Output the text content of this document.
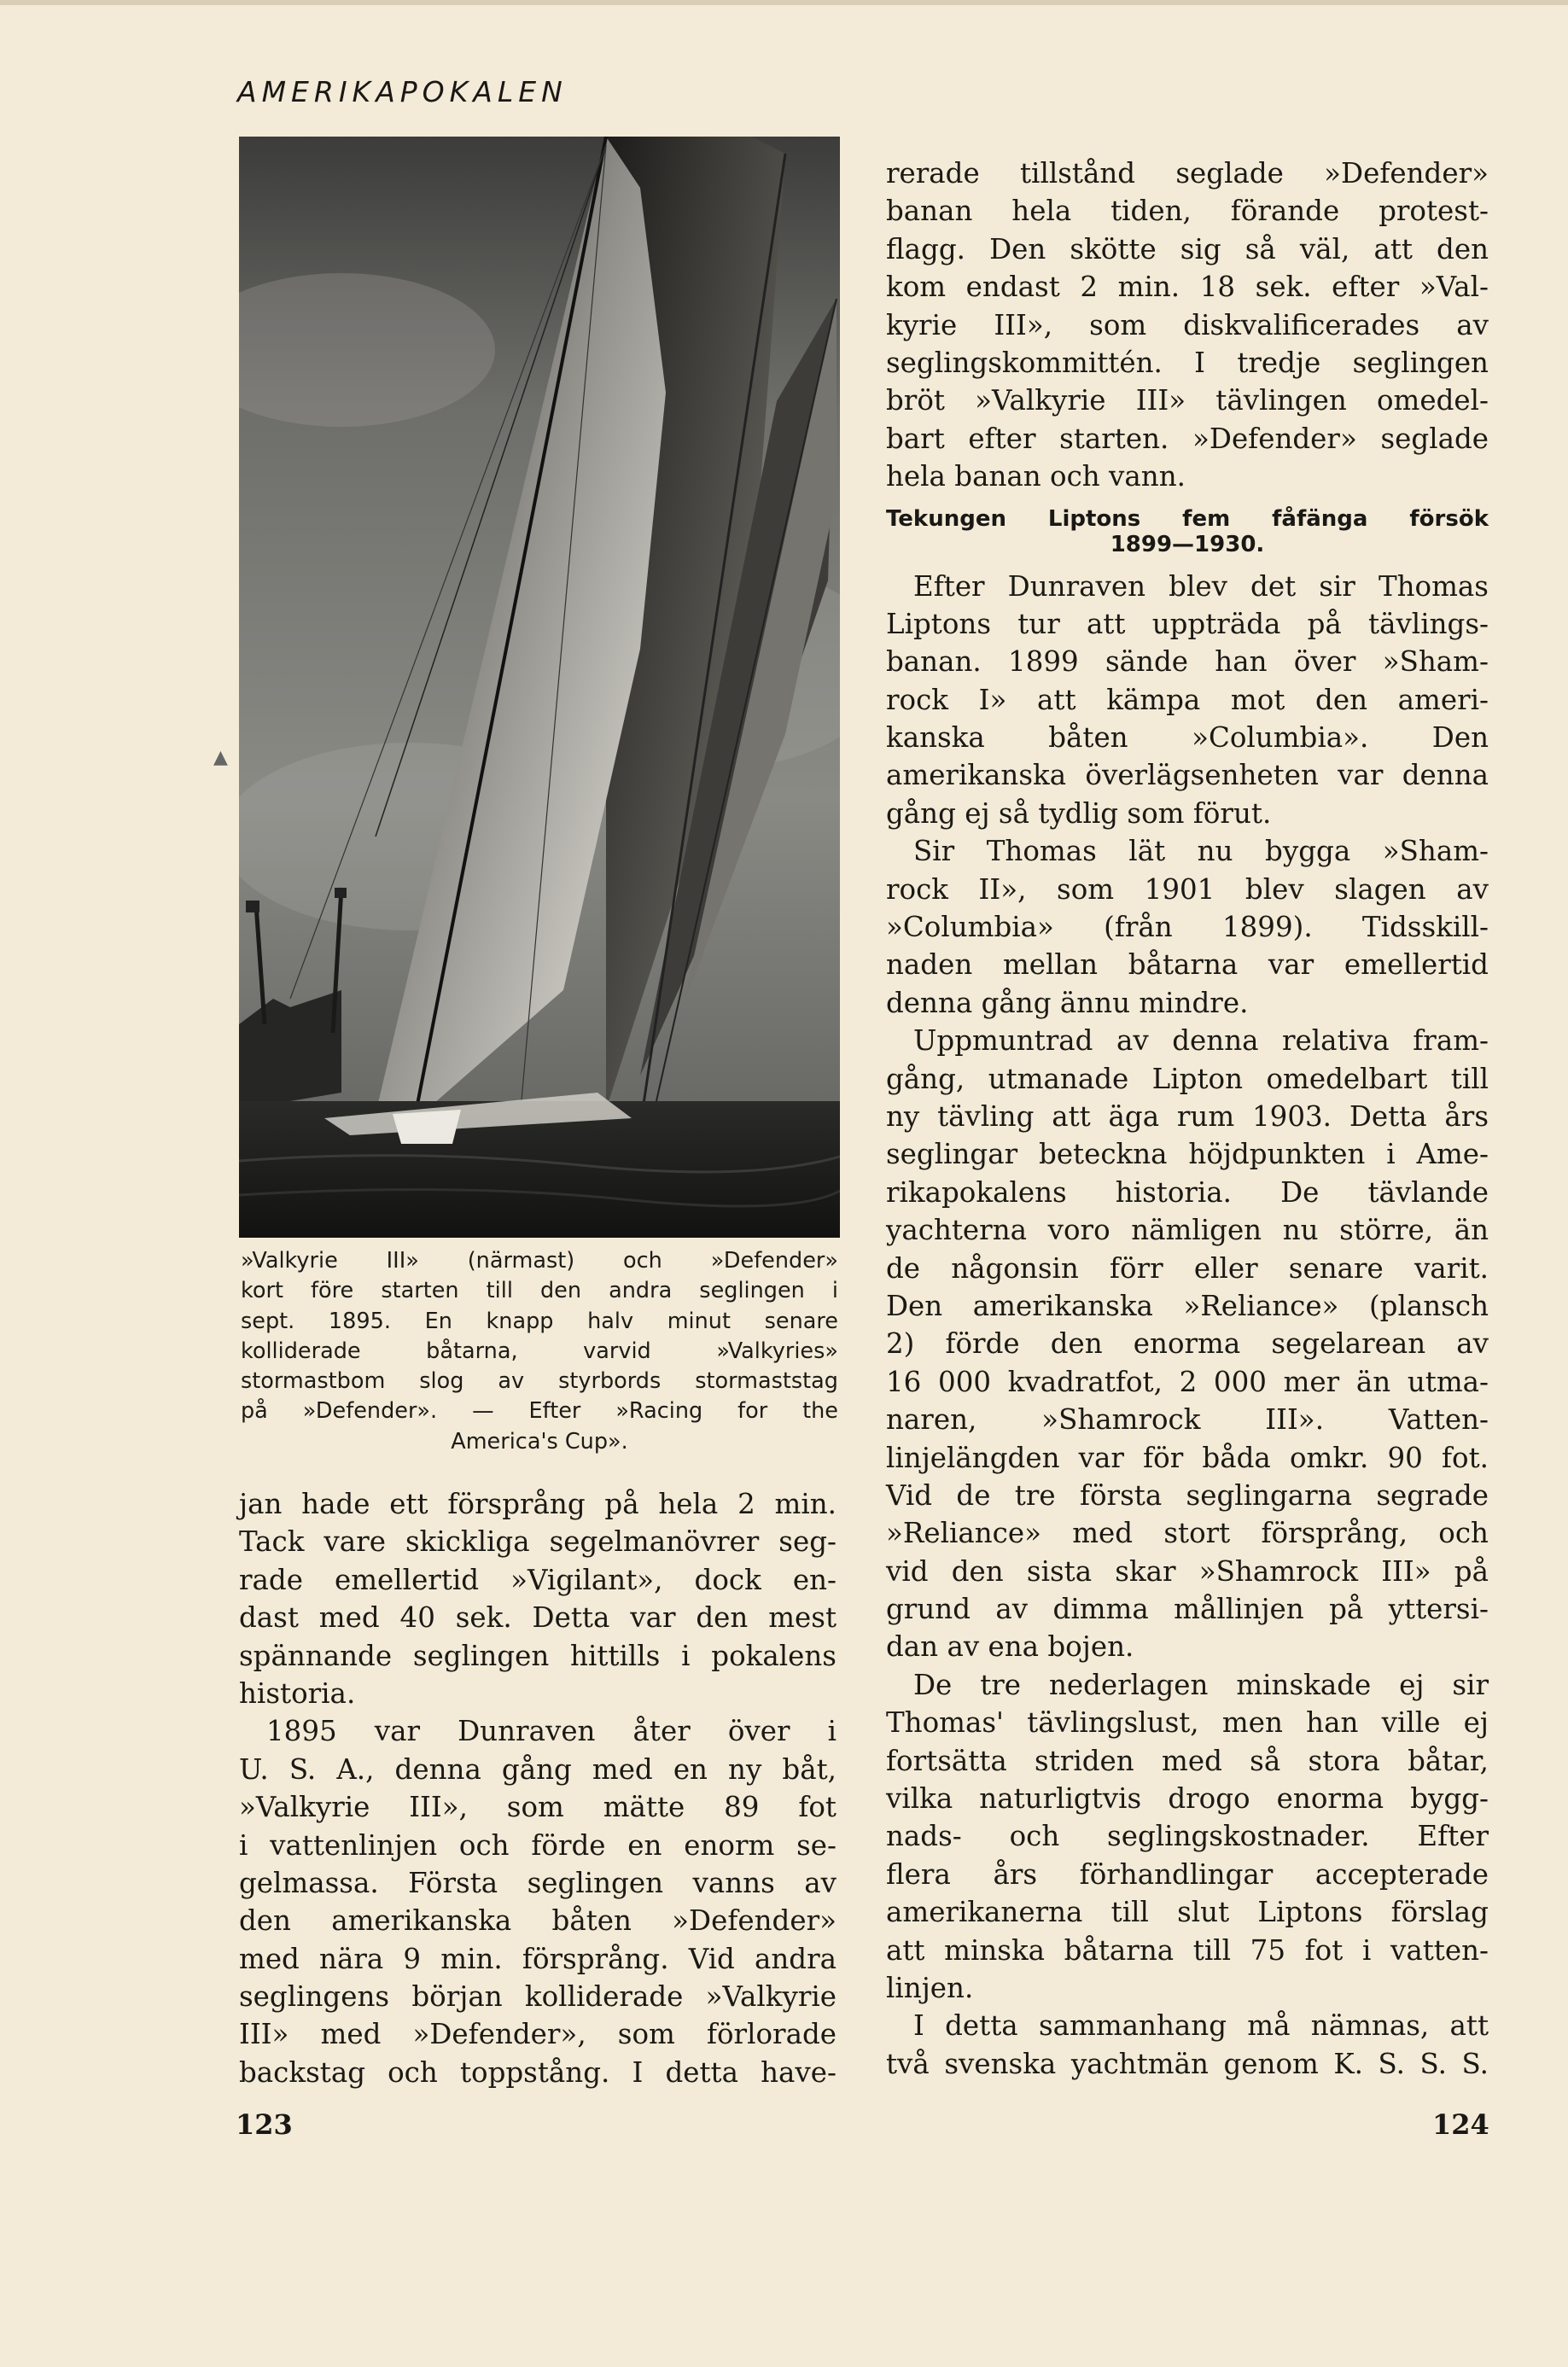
AMERIKAPOKALEN
▲
»Valkyrie III» (närmast) och »Defender»
kort före starten till den andra seglingen i
sept. 1895. En knapp halv minut senare
kolliderade båtarna, varvid »Valkyries»
stormastbom slog av styrbords stormaststag
på »Defender». — Efter »Racing for the
America's Cup».
jan hade ett försprång på hela 2 min.
Tack vare skickliga segelmanövrer seg-
rade emellertid »Vigilant», dock en-
dast med 40 sek. Detta var den mest
spännande seglingen hittills i pokalens
historia.
1895 var Dunraven åter över i
U. S. A., denna gång med en ny båt,
»Valkyrie III», som mätte 89 fot
i vattenlinjen och förde en enorm se-
gelmassa. Första seglingen vanns av
den amerikanska båten »Defender»
med nära 9 min. försprång. Vid andra
seglingens början kolliderade »Valkyrie
III» med »Defender», som förlorade
backstag och toppstång. I detta have-
rerade tillstånd seglade »Defender»
banan hela tiden, förande protest-
flagg. Den skötte sig så väl, att den
kom endast 2 min. 18 sek. efter »Val-
kyrie III», som diskvalificerades av
seglingskommittén. I tredje seglingen
bröt »Valkyrie III» tävlingen omedel-
bart efter starten. »Defender» seglade
hela banan och vann.
Tekungen Liptons fem fåfänga försök
1899—1930.
Efter Dunraven blev det sir Thomas
Liptons tur att uppträda på tävlings-
banan. 1899 sände han över »Sham-
rock I» att kämpa mot den ameri-
kanska båten »Columbia». Den
amerikanska överlägsenheten var denna
gång ej så tydlig som förut.
Sir Thomas lät nu bygga »Sham-
rock II», som 1901 blev slagen av
»Columbia» (från 1899). Tidsskill-
naden mellan båtarna var emellertid
denna gång ännu mindre.
Uppmuntrad av denna relativa fram-
gång, utmanade Lipton omedelbart till
ny tävling att äga rum 1903. Detta års
seglingar beteckna höjdpunkten i Ame-
rikapokalens historia. De tävlande
yachterna voro nämligen nu större, än
de någonsin förr eller senare varit.
Den amerikanska »Reliance» (plansch
2) förde den enorma segelarean av
16 000 kvadratfot, 2 000 mer än utma-
naren, »Shamrock III». Vatten-
linjelängden var för båda omkr. 90 fot.
Vid de tre första seglingarna segrade
»Reliance» med stort försprång, och
vid den sista skar »Shamrock III» på
grund av dimma mållinjen på yttersi-
dan av ena bojen.
De tre nederlagen minskade ej sir
Thomas' tävlingslust, men han ville ej
fortsätta striden med så stora båtar,
vilka naturligtvis drogo enorma bygg-
nads- och seglingskostnader. Efter
flera års förhandlingar accepterade
amerikanerna till slut Liptons förslag
att minska båtarna till 75 fot i vatten-
linjen.
I detta sammanhang må nämnas, att
två svenska yachtmän genom K. S. S. S.
123	124
